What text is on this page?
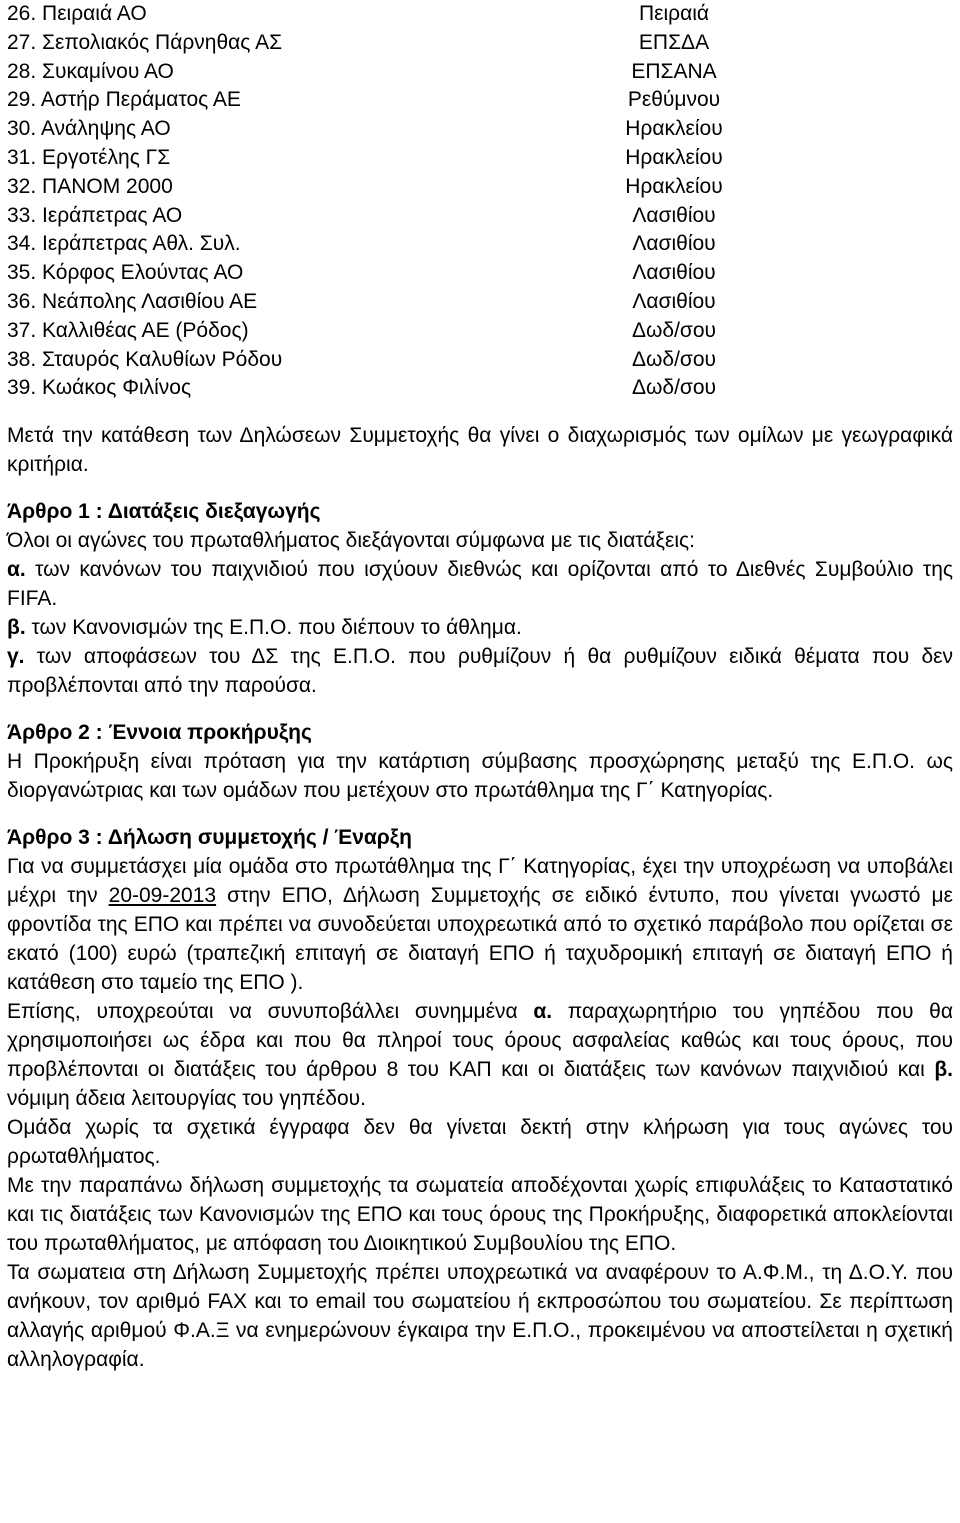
26. Πειραιά ΑΟ	Πειραιά
27. Σεπολιακός Πάρνηθας ΑΣ	ΕΠΣΔΑ
28. Συκαμίνου ΑΟ	ΕΠΣΑΝΑ
29. Αστήρ Περάματος ΑΕ	Ρεθύμνου
30. Ανάληψης ΑΟ	Ηρακλείου
31. Εργοτέλης ΓΣ	Ηρακλείου
32. ΠΑΝΟΜ 2000	Ηρακλείου
33. Ιεράπετρας ΑΟ	Λασιθίου
34. Ιεράπετρας Αθλ. Συλ.	Λασιθίου
35. Κόρφος Ελούντας ΑΟ	Λασιθίου
36. Νεάπολης Λασιθίου ΑΕ	Λασιθίου
37. Καλλιθέας ΑΕ (Ρόδος)	Δωδ/σου
38. Σταυρός Καλυθίων Ρόδου	Δωδ/σου
39. Κωάκος Φιλίνος	Δωδ/σου

Μετά την κατάθεση των Δηλώσεων Συμμετοχής θα γίνει ο διαχωρισμός των ομίλων με γεωγραφικά κριτήρια.

Άρθρο 1 : Διατάξεις διεξαγωγής

Όλοι οι αγώνες του πρωταθλήματος διεξάγονται σύμφωνα με τις διατάξεις:

α. των κανόνων του παιχνιδιού που ισχύουν διεθνώς και ορίζονται από το Διεθνές Συμβούλιο της FIFA.

β. των Κανονισμών της Ε.Π.Ο. που διέπουν το άθλημα.

γ. των αποφάσεων του ΔΣ της Ε.Π.Ο. που ρυθμίζουν ή θα ρυθμίζουν ειδικά θέματα που δεν προβλέπονται από την παρούσα.

Άρθρο 2 : Έννοια προκήρυξης

Η Προκήρυξη είναι πρόταση για την κατάρτιση σύμβασης προσχώρησης μεταξύ της Ε.Π.Ο. ως διοργανώτριας και των ομάδων που μετέχουν στο πρωτάθλημα της Γ΄ Κατηγορίας.

Άρθρο 3 : Δήλωση συμμετοχής / Έναρξη

Για να συμμετάσχει μία ομάδα στο πρωτάθλημα της Γ΄ Κατηγορίας, έχει την υποχρέωση να υποβάλει μέχρι την 20-09-2013 στην ΕΠΟ, Δήλωση Συμμετοχής σε ειδικό έντυπο, που γίνεται γνωστό με φροντίδα της ΕΠΟ και πρέπει να συνοδεύεται υποχρεωτικά από το σχετικό παράβολο που ορίζεται σε εκατό (100) ευρώ (τραπεζική επιταγή σε διαταγή ΕΠΟ ή ταχυδρομική επιταγή σε διαταγή ΕΠΟ ή κατάθεση στο ταμείο της ΕΠΟ ).

Επίσης, υποχρεούται να συνυποβάλλει συνημμένα α. παραχωρητήριο του γηπέδου που θα χρησιμοποιήσει ως έδρα και που θα πληροί τους όρους ασφαλείας καθώς και τους όρους, που προβλέπονται οι διατάξεις του άρθρου 8 του ΚΑΠ και οι διατάξεις των κανόνων παιχνιδιού και β. νόμιμη άδεια λειτουργίας του γηπέδου.

Ομάδα χωρίς τα σχετικά έγγραφα δεν θα γίνεται δεκτή στην κλήρωση για τους αγώνες του ρρωταθλήματος.

Με την παραπάνω δήλωση συμμετοχής τα σωματεία αποδέχονται χωρίς επιφυλάξεις το Καταστατικό και τις διατάξεις των Κανονισμών της ΕΠΟ και τους όρους της Προκήρυξης, διαφορετικά αποκλείονται του πρωταθλήματος, με απόφαση του Διοικητικού Συμβουλίου της ΕΠΟ.

Τα σωματεια στη Δήλωση Συμμετοχής πρέπει υποχρεωτικά να αναφέρουν το Α.Φ.Μ., τη Δ.Ο.Υ. που ανήκουν, τον αριθμό FAX και το email του σωματείου ή εκπροσώπου του σωματείου. Σε περίπτωση αλλαγής αριθμού Φ.Α.Ξ να ενημερώνουν έγκαιρα την Ε.Π.Ο., προκειμένου να αποστείλεται η σχετική αλληλογραφία.
